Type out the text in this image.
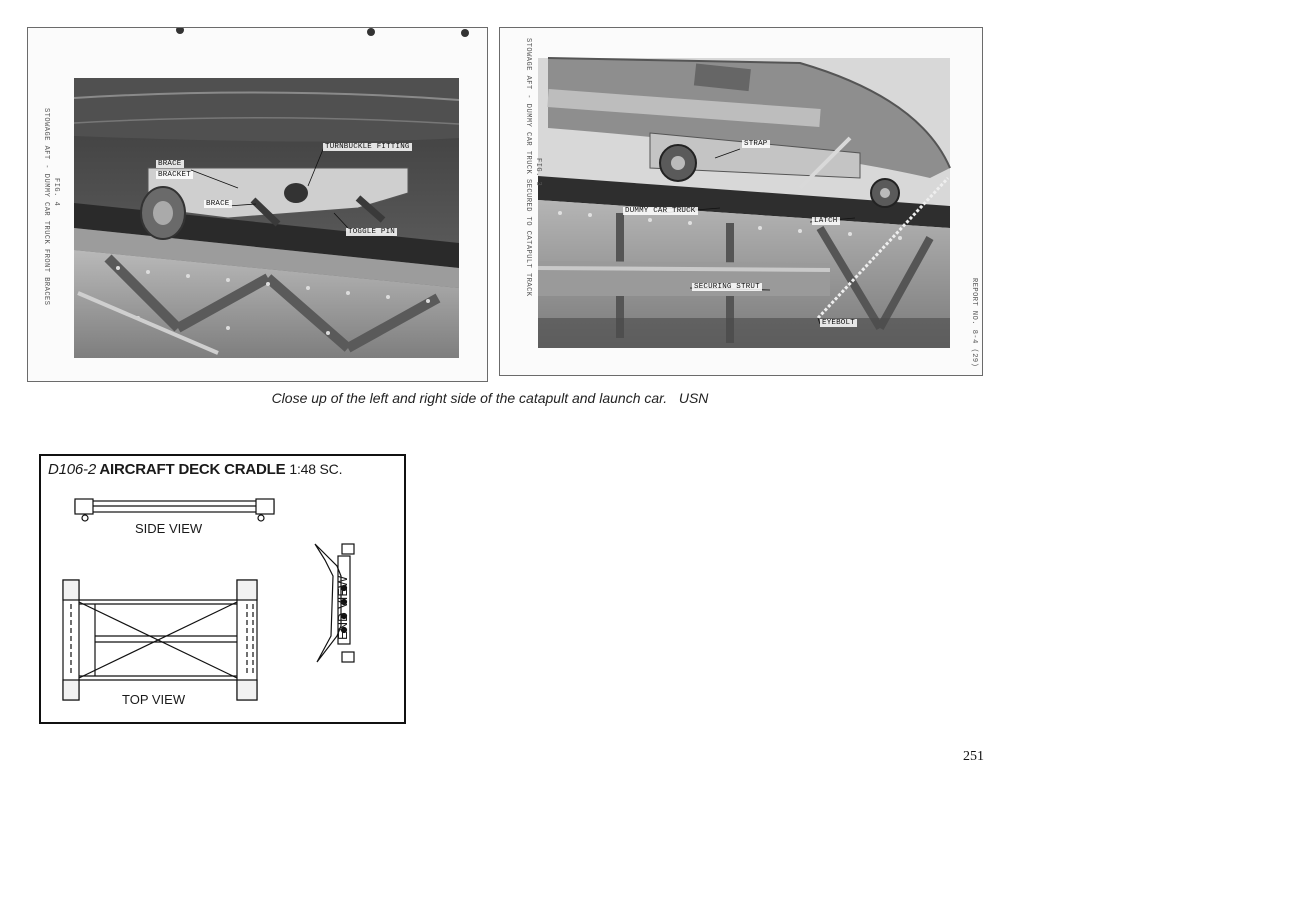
TURNBUCKLE FITTING
BRACE
BRACKET
BRACE
TOGGLE PIN
STOWAGE AFT - DUMMY CAR TRUCK FRONT BRACES FIG. 4
STRAP
DUMMY CAR TRUCK
LATCH
SECURING STRUT
EYEBOLT
STOWAGE AFT - DUMMY CAR TRUCK SECURED TO CATAPULT TRACK FIG. 3
REPORT NO. 8-4 (29)
Close up of the left and right side of the catapult and launch car.   USN
D106-2 AIRCRAFT DECK CRADLE 1:48 SC.
SIDE VIEW
TOP VIEW
END VIEW
251
